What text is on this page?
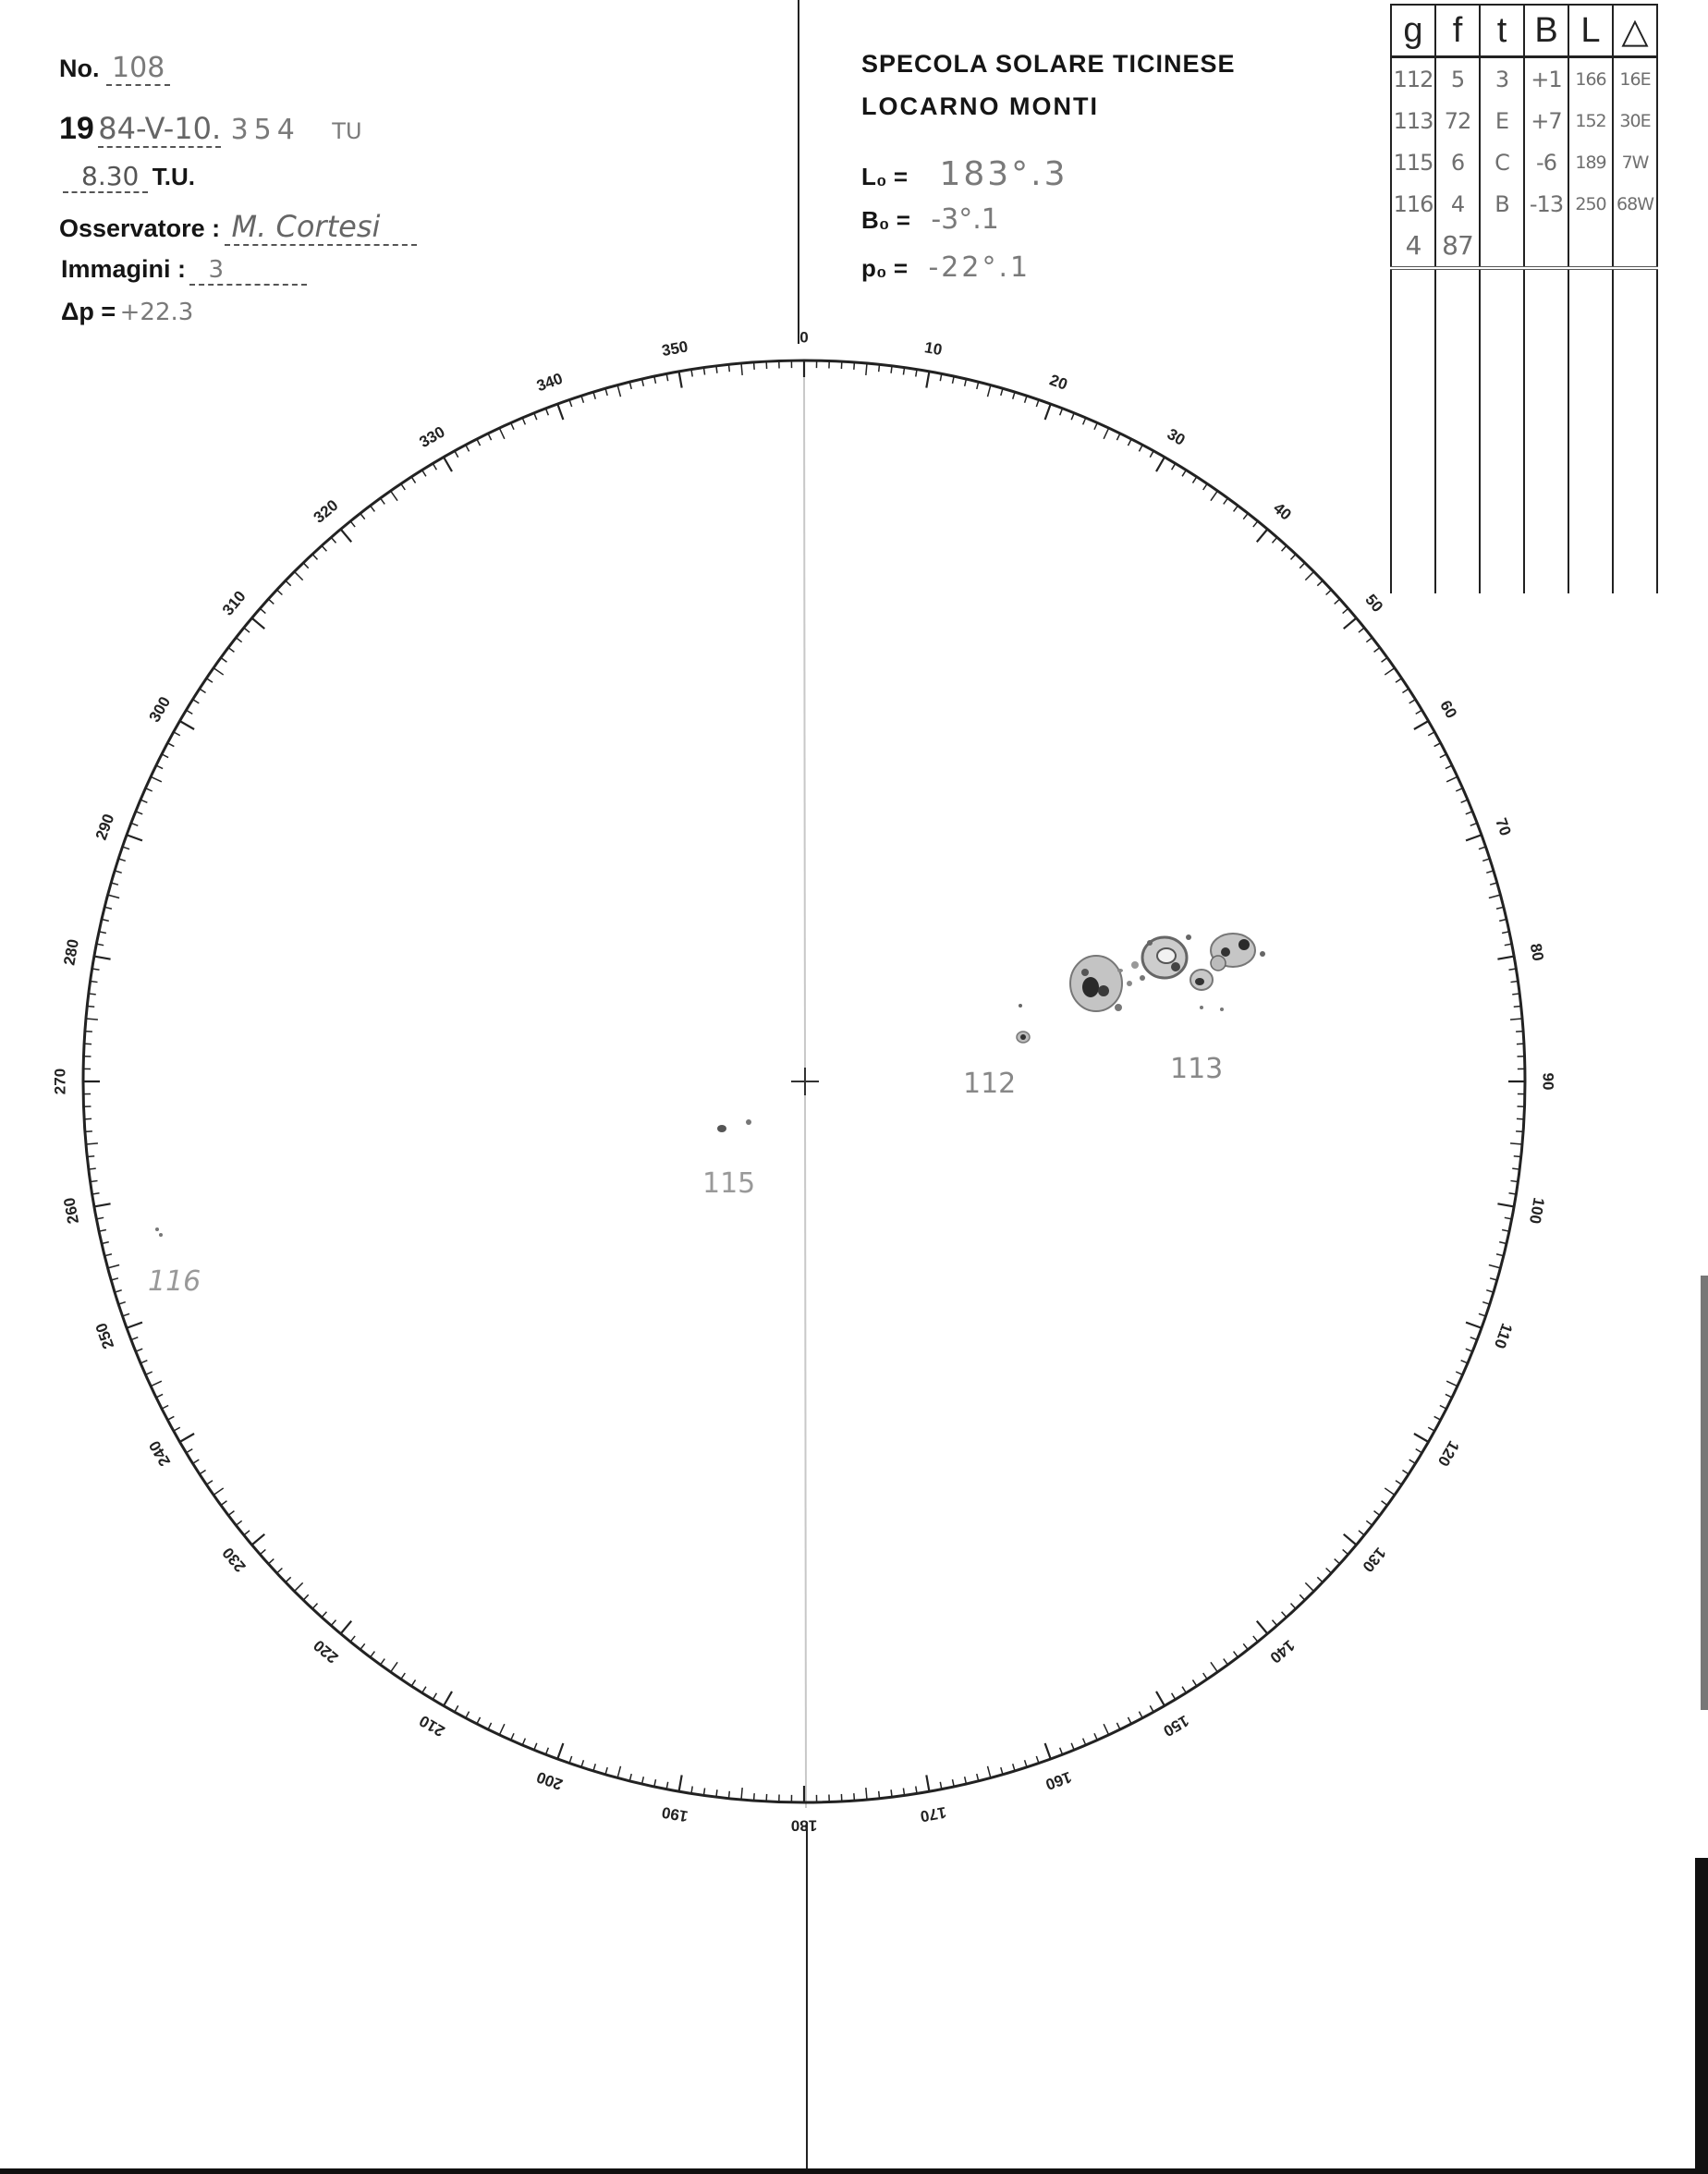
No. 108
19 84-V-10. 354 TU
8.30 T.U.
Osservatore : M. Cortesi
Immagini : 3
Δp = +22.3
SPECOLA SOLARE TICINESE
LOCARNO MONTI
L₀ = 183°.3
B₀ = -3°.1
p₀ = -22°.1
g	f	t	B	L	△
112	5	3	+1	166	16E
113	72	E	+7	152	30E
115	6	C	-6	189	7W
116	4	B	-13	250	68W
4	87				

0
10
20
30
40
50
60
70
80
90
100
110
120
130
140
150
160
170
180
190
200
210
220
230
240
250
260
270
280
290
300
310
320
330
340
350
112	113
115
116
